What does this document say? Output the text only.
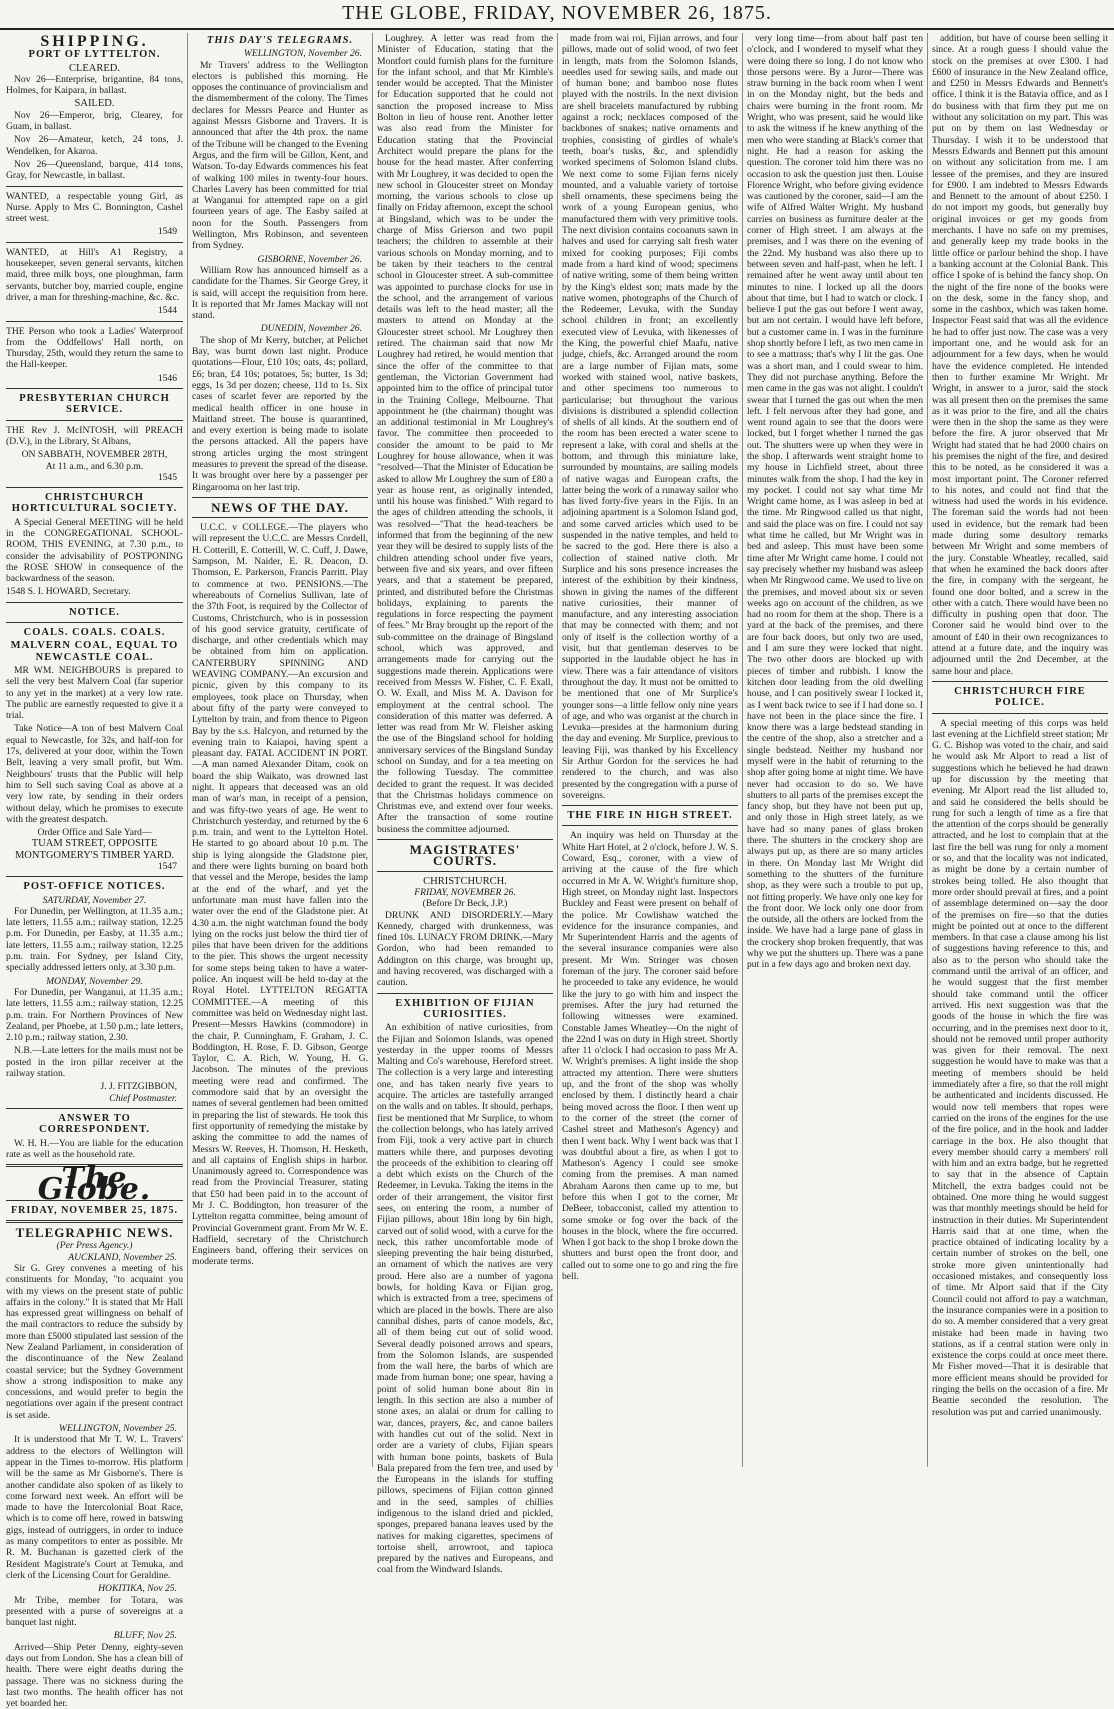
THE GLOBE, FRIDAY, NOVEMBER 26, 1875.
SHIPPING.
PORT OF LYTTELTON.
CLEARED.

Nov 26—Enterprise, brigantine, 84 tons, Holmes, for Kaipara, in ballast.

SAILED.

Nov 26—Emperor, brig, Clearey, for Guam, in ballast.

Nov 26—Amateur, ketch, 24 tons, J. Wendelken, for Akaroa.

Nov 26—Queensland, barque, 414 tons, Gray, for Newcastle, in ballast.

WANTED, a respectable young Girl, as Nurse. Apply to Mrs C. Bonnington, Cashel street west.

1549

WANTED, at Hill's A1 Registry, a housekeeper, seven general servants, kitchen maid, three milk boys, one ploughman, farm servants, butcher boy, married couple, engine driver, a man for threshing-machine, &c. &c.

1544

THE Person who took a Ladies' Waterproof from the Oddfellows' Hall north, on Thursday, 25th, would they return the same to the Hall-keeper.

1546
PRESBYTERIAN CHURCH SERVICE.

THE Rev J. McINTOSH, will PREACH (D.V.), in the Library, St Albans,

ON SABBATH, NOVEMBER 28TH,
At 11 a.m., and 6.30 p.m.
1545
CHRISTCHURCH HORTICULTURAL SOCIETY.

A Special General MEETING will be held in the CONGREGATIONAL SCHOOL-ROOM, THIS EVENING, at 7.30 p.m., to consider the advisability of POSTPONING the ROSE SHOW in consequence of the backwardness of the season.

1548 S. I. HOWARD, Secretary.
NOTICE.
COALS. COALS. COALS.
MALVERN COAL, EQUAL TO NEWCASTLE COAL.

MR WM. NEIGHBOURS is prepared to sell the very best Malvern Coal (far superior to any yet in the market) at a very low rate. The public are earnestly requested to give it a trial.

Take Notice—A ton of best Malvern Coal equal to Newcastle, for 32s, and half-ton for 17s, delivered at your door, within the Town Belt, leaving a very small profit, but Wm. Neighbours' trusts that the Public will help him to Sell such saving Coal as above at a very low rate, by sending in their orders without delay, which he promises to execute with the greatest despatch.

Order Office and Sale Yard—
TUAM STREET, OPPOSITE MONTGOMERY'S TIMBER YARD.
1547
POST-OFFICE NOTICES.
SATURDAY, November 27.

For Dunedin, per Wellington, at 11.35 a.m.; late letters, 11.55 a.m.; railway station, 12.25 p.m. For Dunedin, per Easby, at 11.35 a.m.; late letters, 11.55 a.m.; railway station, 12.25 p.m. train. For Sydney, per Island City, specially addressed letters only, at 3.30 p.m.

MONDAY, November 29.

For Dunedin, per Wanganui, at 11.35 a.m.; late letters, 11.55 a.m.; railway station, 12.25 p.m. train. For Northern Provinces of New Zealand, per Phoebe, at 1.50 p.m.; late letters, 2.10 p.m.; railway station, 2.30.

N.B.—Late letters for the mails must not be posted in the iron pillar receiver at the railway station.

J. J. FITZGIBBON,
Chief Postmaster.
ANSWER TO CORRESPONDENT.

W. H. H.—You are liable for the education rate as well as the household rate.

The Globe.
FRIDAY, NOVEMBER 25, 1875.
TELEGRAPHIC NEWS.
(Per Press Agency.)
AUCKLAND, November 25.

Sir G. Grey convenes a meeting of his constituents for Monday, "to acquaint you with my views on the present state of public affairs in the colony." It is stated that Mr Hall has expressed great willingness on behalf of the mail contractors to reduce the subsidy by more than £5000 stipulated last session of the New Zealand Parliament, in consideration of the discontinuance of the New Zealand coastal service; but the Sydney Government show a strong indisposition to make any concessions, and would prefer to begin the negotiations over again if the present contract is set aside.

WELLINGTON, November 25.

It is understood that Mr T. W. L. Travers' address to the electors of Wellington will appear in the Times to-morrow. His platform will be the same as Mr Gisborne's. There is another candidate also spoken of as likely to come forward next week. An effort will be made to have the Intercolonial Boat Race, which is to come off here, rowed in batswing gigs, instead of outriggers, in order to induce as many competitors to enter as possible. Mr R. M. Buchanan is gazetted clerk of the Resident Magistrate's Court at Temuka, and clerk of the Licensing Court for Geraldine.

HOKITIKA, Nov 25.

Mr Tribe, member for Totara, was presented with a purse of sovereigns at a banquet last night.

BLUFF, Nov 25.

Arrived—Ship Peter Denny, eighty-seven days out from London. She has a clean bill of health. There were eight deaths during the passage. There was no sickness during the last two months. The health officer has not yet boarded her.

THIS DAY'S TELEGRAMS.
WELLINGTON, November 26.

Mr Travers' address to the Wellington electors is published this morning. He opposes the continuance of provincialism and the dismemberment of the colony. The Times declares for Messrs Pearce and Hunter as against Messrs Gisborne and Travers. It is announced that after the 4th prox. the name of the Tribune will be changed to the Evening Argus, and the firm will be Gillon, Kent, and Watson. To-day Edwards commences his feat of walking 100 miles in twenty-four hours. Charles Lavery has been committed for trial at Wanganui for attempted rape on a girl fourteen years of age. The Easby sailed at noon for the South. Passengers from Wellington, Mrs Robinson, and seventeen from Sydney.

GISBORNE, November 26.

William Row has announced himself as a candidate for the Thames. Sir George Grey, it is said, will accept the requisition from here. It is reported that Mr James Mackay will not stand.

DUNEDIN, November 26.

The shop of Mr Kerry, butcher, at Pelichet Bay, was burnt down last night. Produce quotations—Flour, £10 10s; oats, 4s; pollard, £6; bran, £4 10s; potatoes, 5s; butter, 1s 3d; eggs, 1s 3d per dozen; cheese, 11d to 1s. Six cases of scarlet fever are reported by the medical health officer in one house in Maitland street. The house is quarantined, and every exertion is being made to isolate the persons attacked. All the papers have strong articles urging the most stringent measures to prevent the spread of the disease. It was brought over here by a passenger per Ringarooma on her last trip.

NEWS OF THE DAY.

U.C.C. v COLLEGE.—The players who will represent the U.C.C. are Messrs Cordell, H. Cotterill, E. Cotterill, W. C. Cuff, J. Dawe, Sampson, M. Naider, E. R. Deacon, D. Thomson, E. Parkerson, Francis Parritt. Play to commence at two. PENSIONS.—The whereabouts of Cornelius Sullivan, late of the 37th Foot, is required by the Collector of Customs, Christchurch, who is in possession of his good service gratuity, certificate of discharge, and other credentials which may be obtained from him on application. CANTERBURY SPINNING AND WEAVING COMPANY.—An excursion and picnic, given by this company to its employees, took place on Thursday, when about fifty of the party were conveyed to Lyttelton by train, and from thence to Pigeon Bay by the s.s. Halcyon, and returned by the evening train to Kaiapoi, having spent a pleasant day. FATAL ACCIDENT IN PORT.—A man named Alexander Ditam, cook on board the ship Waikato, was drowned last night. It appears that deceased was an old man of war's man, in receipt of a pension, and was fifty-two years of age. He went to Christchurch yesterday, and returned by the 6 p.m. train, and went to the Lyttelton Hotel. He started to go aboard about 10 p.m. The ship is lying alongside the Gladstone pier, and there were lights burning on board both that vessel and the Merope, besides the lamp at the end of the wharf, and yet the unfortunate man must have fallen into the water over the end of the Gladstone pier. At 4.30 a.m. the night watchman found the body lying on the rocks just below the third tier of piles that have been driven for the additions to the pier. This shows the urgent necessity for some steps being taken to have a water-police. An inquest will be held to-day at the Royal Hotel. LYTTELTON REGATTA COMMITTEE.—A meeting of this committee was held on Wednesday night last. Present—Messrs Hawkins (commodore) in the chair, P. Cunningham, F. Graham, J. C. Boddington, H. Rose, F. D. Gibson, George Taylor, C. A. Rich, W. Young, H. G. Jacobson. The minutes of the previous meeting were read and confirmed. The commodore said that by an oversight the names of several gentlemen had been omitted in preparing the list of stewards. He took this first opportunity of remedying the mistake by asking the committee to add the names of Messrs W. Reeves, H. Thomson, H. Hesketh, and all captains of English ships in harbor. Unanimously agreed to. Correspondence was read from the Provincial Treasurer, stating that £50 had been paid in to the account of Mr J. C. Boddington, hon treasurer of the Lyttelton regatta committee, being amount of Provincial Government grant. From Mr W. E. Hadfield, secretary of the Christchurch Engineers band, offering their services on moderate terms.

Loughrey. A letter was read from the Minister of Education, stating that the Montfort could furnish plans for the furniture for the infant school, and that Mr Kimble's tender would be accepted. That the Minister for Education supported that he could not sanction the proposed increase to Miss Bolton in lieu of house rent. Another letter was also read from the Minister for Education stating that the Provincial Architect would prepare the plans for the house for the head master. After conferring with Mr Loughrey, it was decided to open the new school in Gloucester street on Monday morning, the various schools to close up finally on Friday afternoon, except the school at Bingsland, which was to be under the charge of Miss Grierson and two pupil teachers; the children to assemble at their various schools on Monday morning, and to be taken by their teachers to the central school in Gloucester street. A sub-committee was appointed to purchase clocks for use in the school, and the arrangement of various details was left to the head master; all the masters to attend on Monday at the Gloucester street school. Mr Loughrey then retired. The chairman said that now Mr Loughrey had retired, he would mention that since the offer of the committee to that gentleman, the Victorian Government had appointed him to the office of principal tutor in the Training College, Melbourne. That appointment he (the chairman) thought was an additional testimonial in Mr Loughrey's favor. The committee then proceeded to consider the amount to be paid to Mr Loughrey for house allowance, when it was "resolved—That the Minister of Education be asked to allow Mr Loughrey the sum of £80 a year as house rent, as originally intended, until his house was finished." With regard to the ages of children attending the schools, it was resolved—"That the head-teachers be informed that from the beginning of the new year they will be desired to supply lists of the children attending school under five years, between five and six years, and over fifteen years, and that a statement be prepared, printed, and distributed before the Christmas holidays, explaining to parents the regulations in force respecting the payment of fees." Mr Bray brought up the report of the sub-committee on the drainage of Bingsland school, which was approved, and arrangements made for carrying out the suggestions made therein. Applications were received from Messrs W. Fisher, C. F. Exall, O. W. Exall, and Miss M. A. Davison for employment at the central school. The consideration of this matter was deferred. A letter was read from Mr W. Fleisher asking the use of the Bingsland school for holding anniversary services of the Bingsland Sunday school on Sunday, and for a tea meeting on the following Tuesday. The committee decided to grant the request. It was decided that the Christmas holidays commence on Christmas eve, and extend over four weeks. After the transaction of some routine business the committee adjourned.

MAGISTRATES' COURTS.
CHRISTCHURCH.
FRIDAY, NOVEMBER 26.
(Before Dr Beck, J.P.)

DRUNK AND DISORDERLY.—Mary Kennedy, charged with drunkenness, was fined 10s. LUNACY FROM DRINK.—Mary Gordon, who had been remanded to Addington on this charge, was brought up, and having recovered, was discharged with a caution.

EXHIBITION OF FIJIAN CURIOSITIES.

An exhibition of native curiosities, from the Fijian and Solomon Islands, was opened yesterday in the upper rooms of Messrs Malting and Co's warehouse, Hereford street. The collection is a very large and interesting one, and has taken nearly five years to acquire. The articles are tastefully arranged on the walls and on tables. It should, perhaps, first be mentioned that Mr Surplice, to whom the collection belongs, who has lately arrived from Fiji, took a very active part in church matters while there, and purposes devoting the proceeds of the exhibition to clearing off a debt which exists on the Church of the Redeemer, in Levuka. Taking the items in the order of their arrangement, the visitor first sees, on entering the room, a number of Fijian pillows, about 18in long by 6in high, carved out of solid wood, with a curve for the neck, this rather uncomfortable mode of sleeping preventing the hair being disturbed, an ornament of which the natives are very proud. Here also are a number of yagona bowls, for holding Kava or Fijian grog, which is extracted from a tree, specimens of which are placed in the bowls. There are also cannibal dishes, parts of canoe models, &c, all of them being cut out of solid wood. Several deadly poisoned arrows and spears, from the Solomon Islands, are suspended from the wall here, the barbs of which are made from human bone; one spear, having a point of solid human bone about 8in in length. In this section are also a number of stone axes, an alalai or drum for calling to war, dances, prayers, &c, and canoe bailers with handles cut out of the solid. Next in order are a variety of clubs, Fijian spears with human bone points, baskets of Bula Bala prepared from the fern tree, and used by the Europeans in the islands for stuffing pillows, specimens of Fijian cotton ginned and in the seed, samples of chillies indigenous to the island dried and pickled, sponges, prepared banana leaves used by the natives for making cigarettes, specimens of tortoise shell, arrowroot, and tapioca prepared by the natives and Europeans, and coal from the Windward Islands.

made from wai roi, Fijian arrows, and four pillows, made out of solid wood, of two feet in length, mats from the Solomon Islands, needles used for sewing sails, and made out of human bone; and bamboo nose flutes played with the nostrils. In the next division are shell bracelets manufactured by rubbing against a rock; necklaces composed of the backbones of snakes; native ornaments and trophies, consisting of girdles of whale's teeth, boar's tusks, &c, and splendidly worked specimens of Solomon Island clubs. We next come to some Fijian ferns nicely mounted, and a valuable variety of tortoise shell ornaments, these specimens being the work of a young European genius, who manufactured them with very primitive tools. The next division contains cocoanuts sawn in halves and used for carrying salt fresh water mixed for cooking purposes; Fiji combs made from a hard kind of wood; specimens of native writing, some of them being written by the King's eldest son; mats made by the native women, photographs of the Church of the Redeemer, Levuka, with the Sunday school children in front; an excellently executed view of Levuka, with likenesses of the King, the powerful chief Maafu, native judge, chiefs, &c. Arranged around the room are a large number of Fijian mats, some worked with stained wool, native baskets, and other specimens too numerous to particularise; but throughout the various divisions is distributed a splendid collection of shells of all kinds. At the southern end of the room has been erected a water scene to represent a lake, with coral and shells at the bottom, and through this miniature lake, surrounded by mountains, are sailing models of native wagas and European crafts, the latter being the work of a runaway sailor who has lived forty-five years in the Fijis. In an adjoining apartment is a Solomon Island god, and some carved articles which used to be suspended in the native temples, and held to be sacred to the god. Here there is also a collection of stained native cloth. Mr Surplice and his sons presence increases the interest of the exhibition by their kindness, shown in giving the names of the different native curiosities, their manner of manufacture, and any interesting association that may be connected with them; and not only of itself is the collection worthy of a visit, but that gentleman deserves to be supported in the laudable object he has in view. There was a fair attendance of visitors throughout the day. It must not be omitted to be mentioned that one of Mr Surplice's younger sons—a little fellow only nine years of age, and who was organist at the church in Levuka—presides at the harmonium during the day and evening. Mr Surplice, previous to leaving Fiji, was thanked by his Excellency Sir Arthur Gordon for the services he had rendered to the church, and was also presented by the congregation with a purse of sovereigns.

THE FIRE IN HIGH STREET.

An inquiry was held on Thursday at the White Hart Hotel, at 2 o'clock, before J. W. S. Coward, Esq., coroner, with a view of arriving at the cause of the fire which occurred in Mr A. W. Wright's furniture shop, High street, on Monday night last. Inspectors Buckley and Feast were present on behalf of the police. Mr Cowlishaw watched the evidence for the insurance companies, and Mr Superintendent Harris and the agents of the several insurance companies were also present. Mr Wm. Stringer was chosen foreman of the jury. The coroner said before he proceeded to take any evidence, he would like the jury to go with him and inspect the premises. After the jury had returned the following witnesses were examined. Constable James Wheatley—On the night of the 22nd I was on duty in High street. Shortly after 11 o'clock I had occasion to pass Mr A. W. Wright's premises. A light inside the shop attracted my attention. There were shutters up, and the front of the shop was wholly enclosed by them. I distinctly heard a chair being moved across the floor. I then went up to the corner of the street (the corner of Cashel street and Matheson's Agency) and then I went back. Why I went back was that I was doubtful about a fire, as when I got to Matheson's Agency I could see smoke coming from the premises. A man named Abraham Aarons then came up to me, but before this when I got to the corner, Mr DeBeer, tobacconist, called my attention to some smoke or fog over the back of the houses in the block, where the fire occurred. When I got back to the shop I broke down the shutters and burst open the front door, and called out to some one to go and ring the fire bell.

very long time—from about half past ten o'clock, and I wondered to myself what they were doing there so long. I do not know who those persons were. By a Juror—There was straw burning in the back room when I went in on the Monday night, but the beds and chairs were burning in the front room. Mr Wright, who was present, said he would like to ask the witness if he knew anything of the men who were standing at Black's corner that night. He had a reason for asking the question. The coroner told him there was no occasion to ask the question just then. Louise Florence Wright, who before giving evidence was cautioned by the coroner, said—I am the wife of Alfred Walter Wright. My husband carries on business as furniture dealer at the corner of High street. I am always at the premises, and I was there on the evening of the 22nd. My husband was also there up to between seven and half-past, when he left. I remained after he went away until about ten minutes to nine. I locked up all the doors about that time, but I had to watch or clock. I believe I put the gas out before I went away, but am not certain. I would have left before, but a customer came in. I was in the furniture shop shortly before I left, as two men came in to see a mattrass; that's why I lit the gas. One was a short man, and I could swear to him. They did not purchase anything. Before the men came in the gas was not alight. I couldn't swear that I turned the gas out when the men left. I felt nervous after they had gone, and went round again to see that the doors were locked, but I forget whether I turned the gas out. The shutters were up when they were in the shop. I afterwards went straight home to my house in Lichfield street, about three minutes walk from the shop. I had the key in my pocket. I could not say what time Mr Wright came home, as I was asleep in bed at the time. Mr Ringwood called us that night, and said the place was on fire. I could not say what time he called, but Mr Wright was in bed and asleep. This must have been some time after Mr Wright came home. I could not say precisely whether my husband was asleep when Mr Ringwood came. We used to live on the premises, and moved about six or seven weeks ago on account of the children, as we had no room for them at the shop. There is a yard at the back of the premises, and there are four back doors, but only two are used, and I am sure they were locked that night. The two other doors are blocked up with pieces of timber and rubbish. I know the kitchen door leading from the old dwelling house, and I can positively swear I locked it, as I went back twice to see if I had done so. I have not been in the place since the fire. I know there was a large bedstead standing in the centre of the shop, also a stretcher and a single bedstead. Neither my husband nor myself were in the habit of returning to the shop after going home at night time. We have never had occasion to do so. We have shutters to all parts of the premises except the fancy shop, but they have not been put up, and only those in High street lately, as we have had so many panes of glass broken there. The shutters in the crockery shop are always put up, as there are so many articles in there. On Monday last Mr Wright did something to the shutters of the furniture shop, as they were such a trouble to put up, not fitting properly. We have only one key for the front door. We lock only one door from the outside, all the others are locked from the inside. We have had a large pane of glass in the crockery shop broken frequently, that was why we put the shutters up. There was a pane put in a few days ago and broken next day.

addition, but have of course been selling it since. At a rough guess I should value the stock on the premises at over £300. I had £600 of insurance in the New Zealand office, and £250 in Messrs Edwards and Bennett's office. I think it is the Batavia office, and as I do business with that firm they put me on without any solicitation on my part. This was put on by them on last Wednesday or Thursday. I wish it to be understood that Messrs Edwards and Bennett put this amount on without any solicitation from me. I am lessee of the premises, and they are insured for £900. I am indebted to Messrs Edwards and Bennett to the amount of about £250. I do not import my goods, but generally buy original invoices or get my goods from merchants. I have no safe on my premises, and generally keep my trade books in the little office or parlour behind the shop. I have a banking account at the Colonial Bank. This office I spoke of is behind the fancy shop. On the night of the fire none of the books were on the desk, some in the fancy shop, and some in the cashbox, which was taken home. Inspector Feast said that was all the evidence he had to offer just now. The case was a very important one, and he would ask for an adjournment for a few days, when he would have the evidence completed. He intended then to further examine Mr Wright. Mr Wright, in answer to a juror, said the stock was all present then on the premises the same as it was prior to the fire, and all the chairs were then in the shop the same as they were before the fire. A juror observed that Mr Wright had stated that he had 2000 chairs on his premises the night of the fire, and desired this to be noted, as he considered it was a most important point. The Coroner referred to his notes, and could not find that the witness had used the words in his evidence. The foreman said the words had not been used in evidence, but the remark had been made during some desultory remarks between Mr Wright and some members of the jury. Constable Wheatley, recalled, said that when he examined the back doors after the fire, in company with the sergeant, he found one door bolted, and a screw in the other with a catch. There would have been no difficulty in pushing open that door. The Coroner said he would bind over to the amount of £40 in their own recognizances to attend at a future date, and the inquiry was adjourned until the 2nd December, at the same hour and place.

CHRISTCHURCH FIRE POLICE.

A special meeting of this corps was held last evening at the Lichfield street station; Mr G. C. Bishop was voted to the chair, and said he would ask Mr Alport to read a list of suggestions which he believed he had drawn up for discussion by the meeting that evening. Mr Alport read the list alluded to, and said he considered the bells should be rung for such a length of time as a fire that the attention of the corps should be generally attracted, and he lost to complain that at the last fire the bell was rung for only a moment or so, and that the locality was not indicated, as might be done by a certain number of strokes being tolled. He also thought that more order should prevail at fires, and a point of assemblage determined on—say the door of the premises on fire—so that the duties might be pointed out at once to the different members. In that case a clause among his list of suggestions having reference to this, and also as to the person who should take the command until the arrival of an officer, and he would suggest that the first member should take command until the officer arrived. His next suggestion was that the goods of the house in which the fire was occurring, and in the premises next door to it, should not be removed until proper authority was given for their removal. The next suggestion he would have to make was that a meeting of members should be held immediately after a fire, so that the roll might be authenticated and incidents discussed. He would now tell members that ropes were carried on the irons of the engines for the use of the fire police, and in the hook and ladder carriage in the box. He also thought that every member should carry a members' roll with him and an extra badge, but he regretted to say that in the absence of Captain Mitchell, the extra badges could not be obtained. One more thing he would suggest was that monthly meetings should be held for instruction in their duties. Mr Superintendent Harris said that at one time, when the practice obtained of indicating locality by a certain number of strokes on the bell, one stroke more given unintentionally had occasioned mistakes, and consequently loss of time. Mr Alport said that if the City Council could not afford to pay a watchman, the insurance companies were in a position to do so. A member considered that a very great mistake had been made in having two stations, as if a central station were only in existence the corps could at once meet there. Mr Fisher moved—That it is desirable that more efficient means should be provided for ringing the bells on the occasion of a fire. Mr Beattie seconded the resolution. The resolution was put and carried unanimously.
